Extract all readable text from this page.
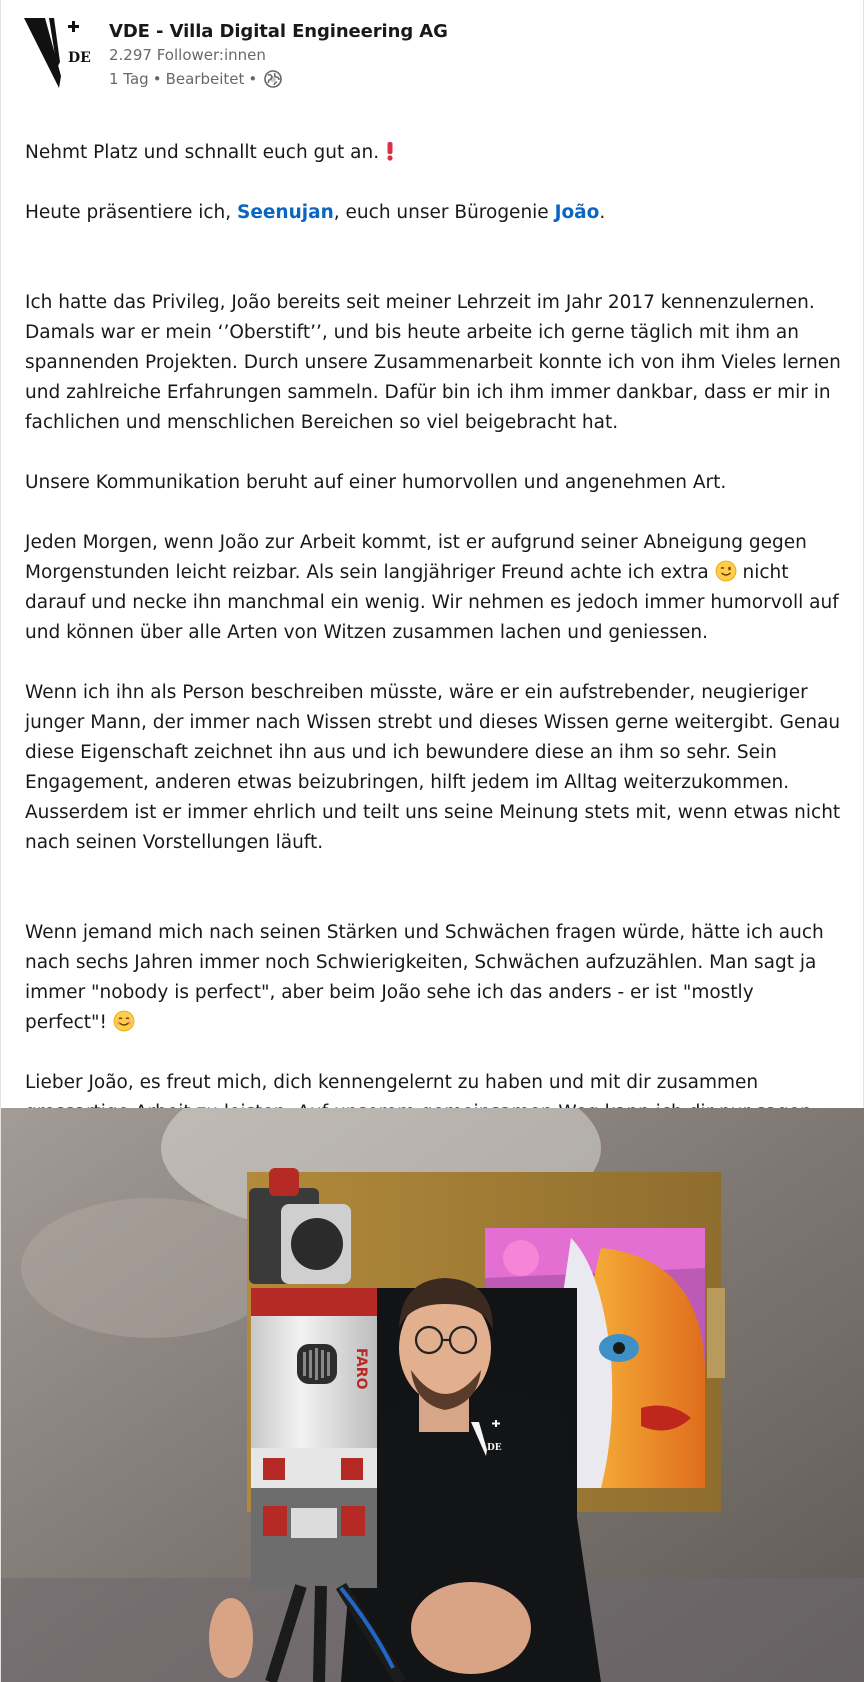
DE
VDE - Villa Digital Engineering AG
2.297 Follower:innen
1 Tag • Bearbeitet •

Nehmt Platz und schnallt euch gut an.

Heute präsentiere ich, Seenujan, euch unser Bürogenie João.

Ich hatte das Privileg, João bereits seit meiner Lehrzeit im Jahr 2017 kennenzulernen. Damals war er mein ‘’Oberstift’’, und bis heute arbeite ich gerne täglich mit ihm an spannenden Projekten. Durch unsere Zusammenarbeit konnte ich von ihm Vieles lernen und zahlreiche Erfahrungen sammeln. Dafür bin ich ihm immer dankbar, dass er mir in fachlichen und menschlichen Bereichen so viel beigebracht hat.

Unsere Kommunikation beruht auf einer humorvollen und angenehmen Art.

Jeden Morgen, wenn João zur Arbeit kommt, ist er aufgrund seiner Abneigung gegen Morgenstunden leicht reizbar. Als sein langjähriger Freund achte ich extra  nicht darauf und necke ihn manchmal ein wenig. Wir nehmen es jedoch immer humorvoll auf und können über alle Arten von Witzen zusammen lachen und geniessen.

Wenn ich ihn als Person beschreiben müsste, wäre er ein aufstrebender, neugieriger junger Mann, der immer nach Wissen strebt und dieses Wissen gerne weitergibt. Genau diese Eigenschaft zeichnet ihn aus und ich bewundere diese an ihm so sehr. Sein Engagement, anderen etwas beizubringen, hilft jedem im Alltag weiterzukommen. Ausserdem ist er immer ehrlich und teilt uns seine Meinung stets mit, wenn etwas nicht nach seinen Vorstellungen läuft.

Wenn jemand mich nach seinen Stärken und Schwächen fragen würde, hätte ich auch nach sechs Jahren immer noch Schwierigkeiten, Schwächen aufzuzählen. Man sagt ja immer "nobody is perfect", aber beim João sehe ich das anders - er ist "mostly perfect"!

Lieber João, es freut mich, dich kennengelernt zu haben und mit dir zusammen

DE
FARO
